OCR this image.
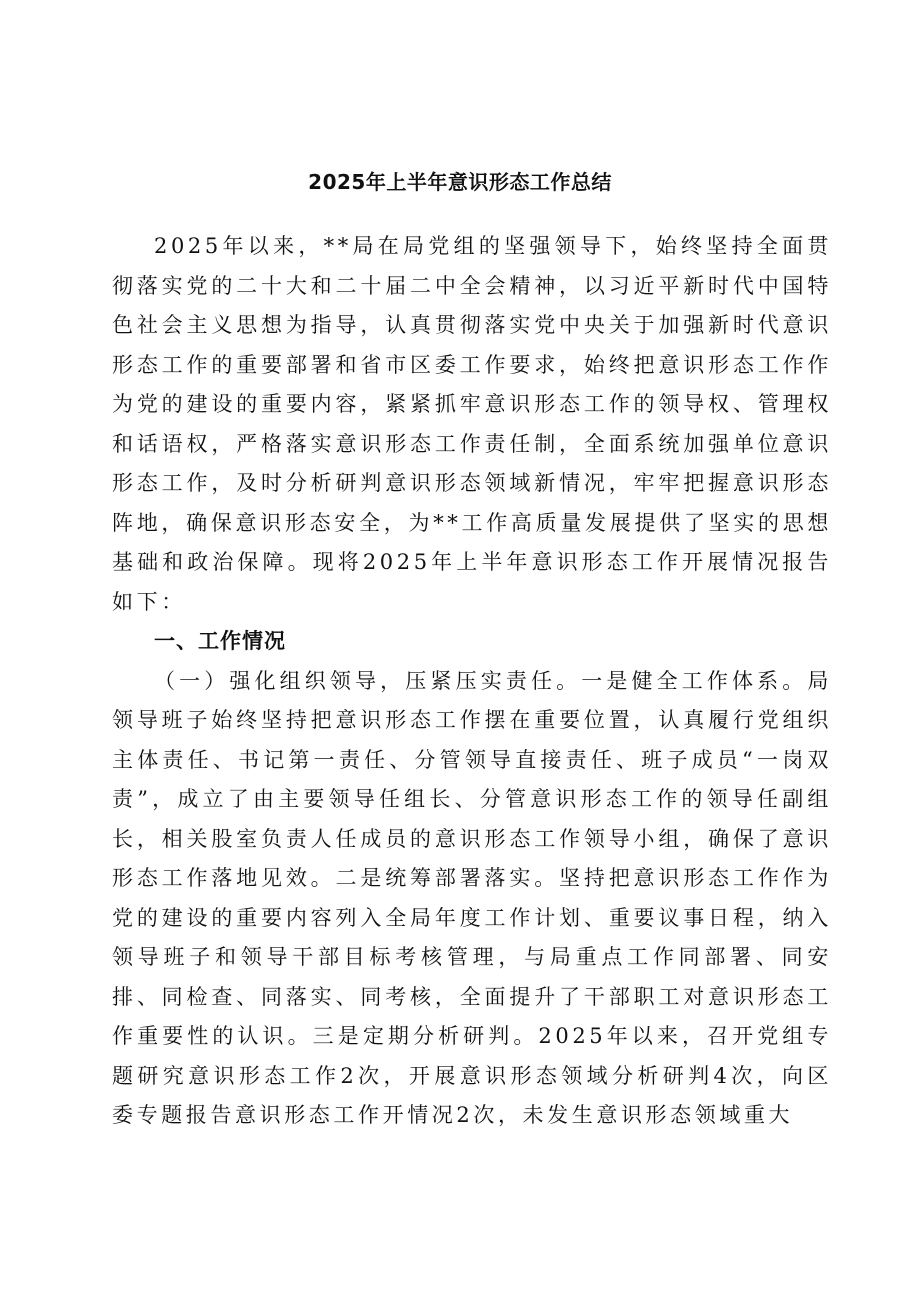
2025年上半年意识形态工作总结

2025年以来，**局在局党组的坚强领导下，始终坚持全面贯彻落实党的二十大和二十届二中全会精神，以习近平新时代中国特色社会主义思想为指导，认真贯彻落实党中央关于加强新时代意识形态工作的重要部署和省市区委工作要求，始终把意识形态工作作为党的建设的重要内容，紧紧抓牢意识形态工作的领导权、管理权和话语权，严格落实意识形态工作责任制，全面系统加强单位意识形态工作，及时分析研判意识形态领域新情况，牢牢把握意识形态阵地，确保意识形态安全，为**工作高质量发展提供了坚实的思想基础和政治保障。现将2025年上半年意识形态工作开展情况报告如下：

一、工作情况

（一）强化组织领导，压紧压实责任。一是健全工作体系。局领导班子始终坚持把意识形态工作摆在重要位置，认真履行党组织主体责任、书记第一责任、分管领导直接责任、班子成员“一岗双责”，成立了由主要领导任组长、分管意识形态工作的领导任副组长，相关股室负责人任成员的意识形态工作领导小组，确保了意识形态工作落地见效。二是统筹部署落实。坚持把意识形态工作作为党的建设的重要内容列入全局年度工作计划、重要议事日程，纳入领导班子和领导干部目标考核管理，与局重点工作同部署、同安排、同检查、同落实、同考核，全面提升了干部职工对意识形态工作重要性的认识。三是定期分析研判。2025年以来，召开党组专题研究意识形态工作2次，开展意识形态领域分析研判4次，向区委专题报告意识形态工作开情况2次，未发生意识形态领域重大
